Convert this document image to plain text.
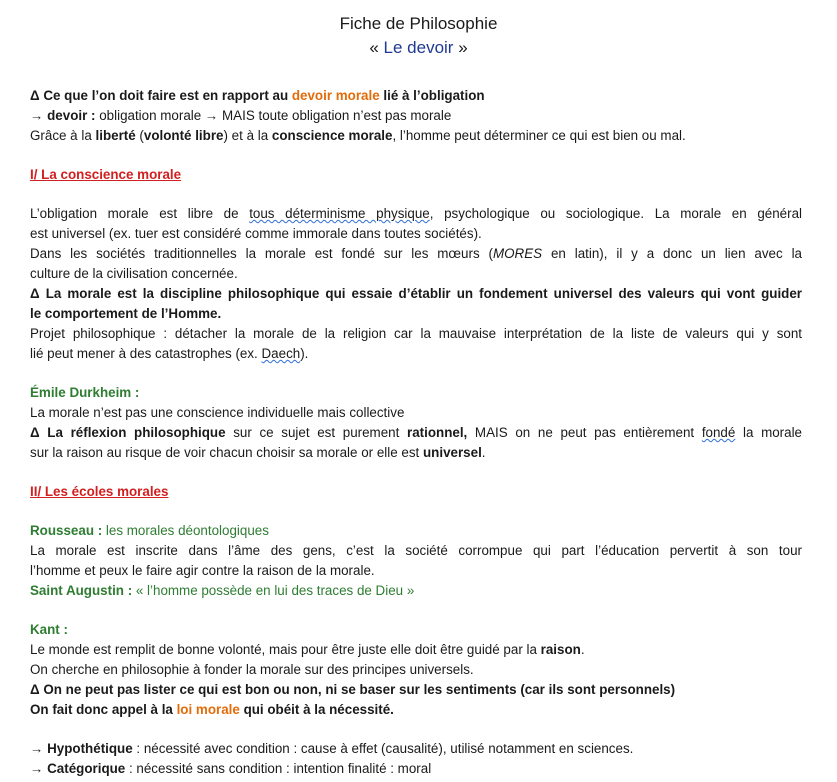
Fiche de Philosophie
« Le devoir »
Δ Ce que l’on doit faire est en rapport au devoir morale lié à l’obligation
→ devoir : obligation morale → MAIS toute obligation n’est pas morale
Grâce à la liberté (volonté libre) et à la conscience morale, l’homme peut déterminer ce qui est bien ou mal.
I/ La conscience morale
L’obligation morale est libre de tous déterminisme physique, psychologique ou sociologique. La morale en général
est universel (ex. tuer est considéré comme immorale dans toutes sociétés).
Dans les sociétés traditionnelles la morale est fondé sur les mœurs (MORES en latin), il y a donc un lien avec la
culture de la civilisation concernée.
Δ La morale est la discipline philosophique qui essaie d’établir un fondement universel des valeurs qui vont guider
le comportement de l’Homme.
Projet philosophique : détacher la morale de la religion car la mauvaise interprétation de la liste de valeurs qui y sont
lié peut mener à des catastrophes (ex. Daech).
Émile Durkheim :
La morale n’est pas une conscience individuelle mais collective
Δ La réflexion philosophique sur ce sujet est purement rationnel, MAIS on ne peut pas entièrement fondé la morale
sur la raison au risque de voir chacun choisir sa morale or elle est universel.
II/ Les écoles morales
Rousseau : les morales déontologiques
La morale est inscrite dans l’âme des gens, c’est la société corrompue qui part l’éducation pervertit à son tour
l’homme et peux le faire agir contre la raison de la morale.
Saint Augustin : « l’homme possède en lui des traces de Dieu »
Kant :
Le monde est remplit de bonne volonté, mais pour être juste elle doit être guidé par la raison.
On cherche en philosophie à fonder la morale sur des principes universels.
Δ On ne peut pas lister ce qui est bon ou non, ni se baser sur les sentiments (car ils sont personnels)
On fait donc appel à la loi morale qui obéit à la nécessité.
→ Hypothétique : nécessité avec condition : cause à effet (causalité), utilisé notamment en sciences.
→ Catégorique : nécessité sans condition : intention finalité : moral
